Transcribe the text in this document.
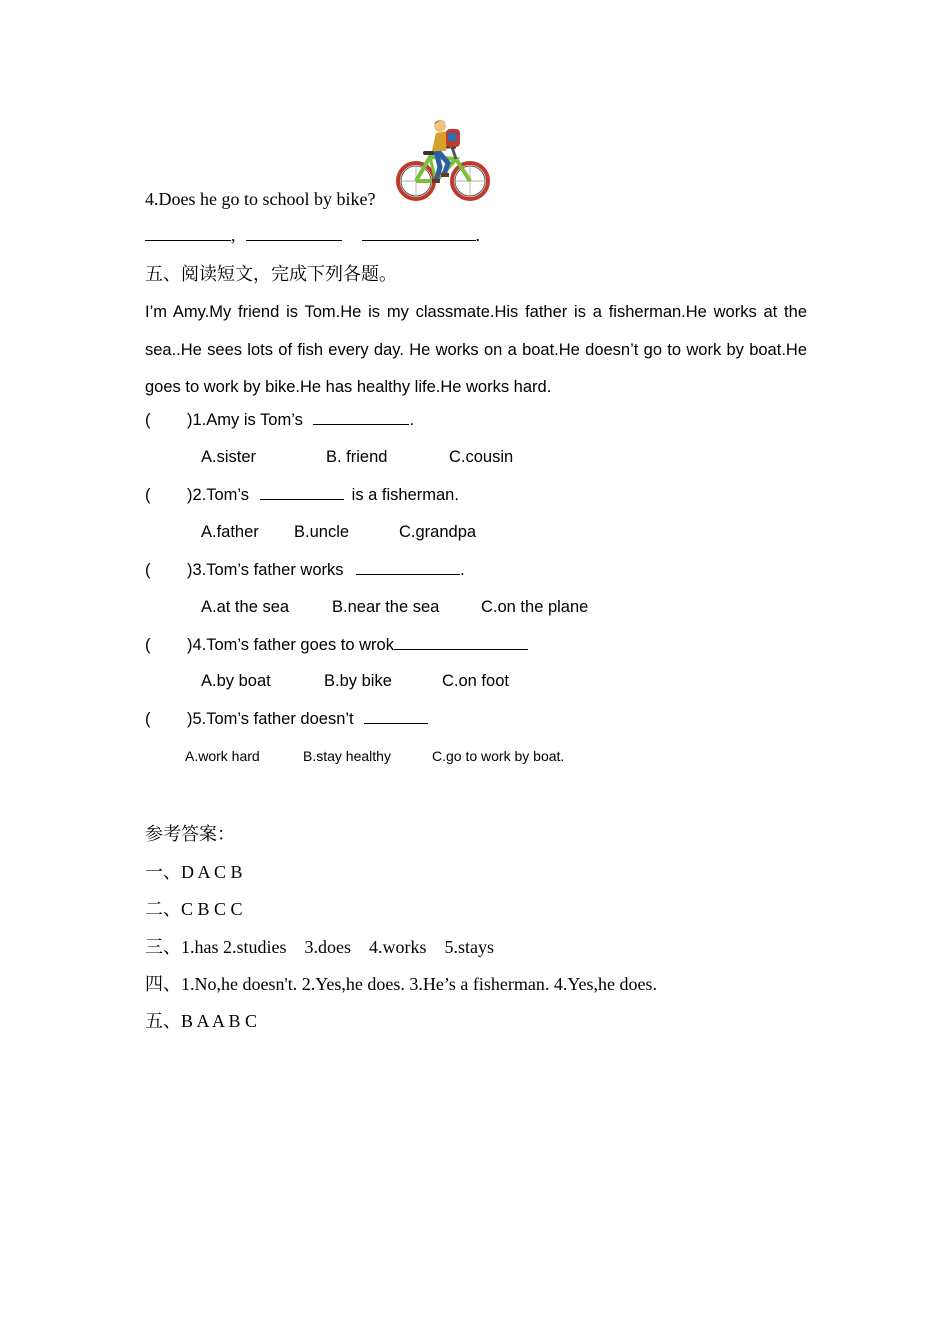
4.Does he go to school by bike?
,	.
五、阅读短文，完成下列各题。
I’m Amy.My friend is Tom.He is my classmate.His father is a fisherman.He works at the sea..He sees lots of fish every day. He works on a boat.He doesn’t go to work by boat.He goes to work by bike.He has healthy life.He works hard.
( )1.Amy is Tom’s	.
A.sister	B. friend	C.cousin
( )2.Tom’s	is a fisherman.
A.father B.uncle	C.grandpa
( )3.Tom’s father works	.
A.at the sea	B.near the sea	C.on the plane
( )4.Tom’s father goes to wrok
A.by boat	B.by bike	C.on foot
( )5.Tom’s father doesn’t
A.work hard	B.stay healthy	C.go to work by boat.
参考答案：
一、D A C B
二、C B C C
三、1.has 2.studies    3.does    4.works    5.stays
四、1.No,he doesn't. 2.Yes,he does. 3.He’s a fisherman. 4.Yes,he does.
五、B A A B C
